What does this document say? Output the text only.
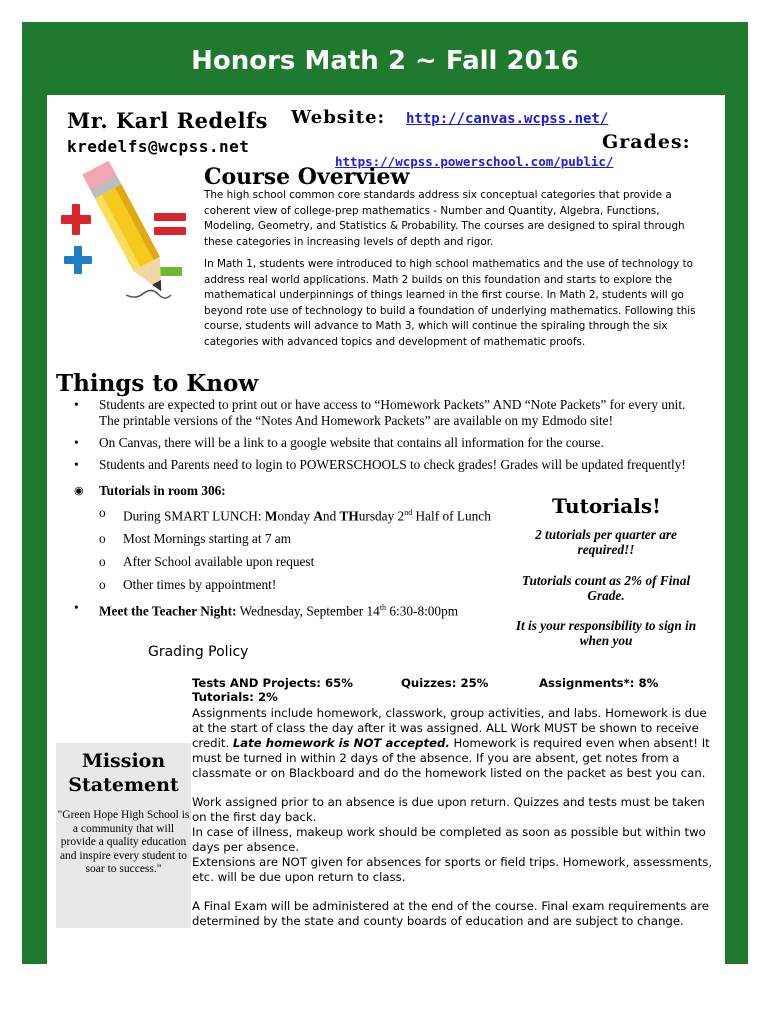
Honors Math 2 ~ Fall 2016
Mr. Karl Redelfs
kredelfs@wcpss.net
Website: http://canvas.wcpss.net/
Grades:
https://wcpss.powerschool.com/public/
Course Overview
The high school common core standards address six conceptual categories that provide a coherent view of college-prep mathematics - Number and Quantity, Algebra, Functions, Modeling, Geometry, and Statistics & Probability. The courses are designed to spiral through these categories in increasing levels of depth and rigor.
In Math 1, students were introduced to high school mathematics and the use of technology to address real world applications. Math 2 builds on this foundation and starts to explore the mathematical underpinnings of things learned in the first course. In Math 2, students will go beyond rote use of technology to build a foundation of underlying mathematics. Following this course, students will advance to Math 3, which will continue the spiraling through the six categories with advanced topics and development of mathematic proofs.
Things to Know
• Students are expected to print out or have access to “Homework Packets” AND “Note Packets” for every unit. The printable versions of the “Notes And Homework Packets” are available on my Edmodo site!
• On Canvas, there will be a link to a google website that contains all information for the course.
• Students and Parents need to login to POWERSCHOOLS to check grades! Grades will be updated frequently!
◉ Tutorials in room 306:
o During SMART LUNCH: Monday And THursday 2nd Half of Lunch
o Most Mornings starting at 7 am
o After School available upon request
o Other times by appointment!
• Meet the Teacher Night: Wednesday, September 14th 6:30-8:00pm
Tutorials!
2 tutorials per quarter are required!!
Tutorials count as 2% of Final Grade.
It is your responsibility to sign in when you
Grading Policy
Tests AND Projects: 65%	Quizzes: 25%	Assignments*: 8%
Tutorials: 2%

Assignments include homework, classwork, group activities, and labs. Homework is due at the start of class the day after it was assigned. ALL Work MUST be shown to receive credit. Late homework is NOT accepted. Homework is required even when absent! It must be turned in within 2 days of the absence. If you are absent, get notes from a classmate or on Blackboard and do the homework listed on the packet as best you can.

Work assigned prior to an absence is due upon return. Quizzes and tests must be taken on the first day back.
In case of illness, makeup work should be completed as soon as possible but within two days per absence.
Extensions are NOT given for absences for sports or field trips. Homework, assessments, etc. will be due upon return to class.

A Final Exam will be administered at the end of the course. Final exam requirements are determined by the state and county boards of education and are subject to change.

Mission Statement
"Green Hope High School is a community that will provide a quality education and inspire every student to soar to success."
